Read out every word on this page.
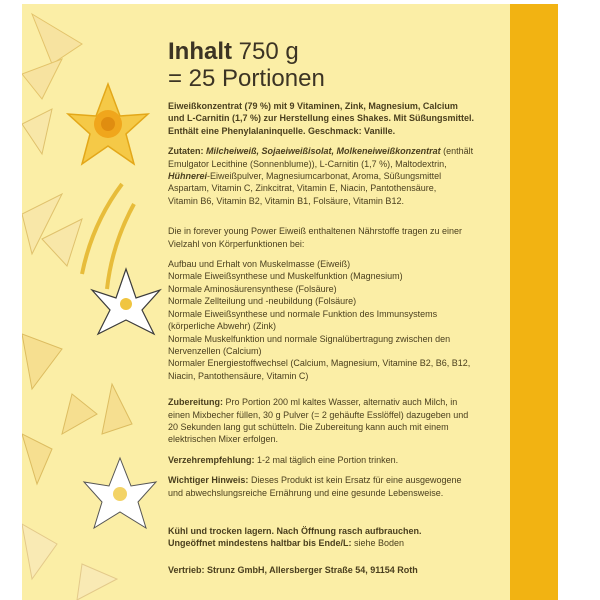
Inhalt 750 g
= 25 Portionen
Eiweißkonzentrat (79 %) mit 9 Vitaminen, Zink, Magnesium, Calcium
und L-Carnitin (1,7 %) zur Herstellung eines Shakes. Mit Süßungsmittel.
Enthält eine Phenylalaninquelle. Geschmack: Vanille.
Zutaten: Milcheiweiß, Sojaeiweißisolat, Molkeneiweißkonzentrat (enthält
Emulgator Lecithine (Sonnenblume)), L-Carnitin (1,7 %), Maltodextrin,
Hühnerei-Eiweißpulver, Magnesiumcarbonat, Aroma, Süßungsmittel
Aspartam, Vitamin C, Zinkcitrat, Vitamin E, Niacin, Pantothensäure,
Vitamin B6, Vitamin B2, Vitamin B1, Folsäure, Vitamin B12.
Die in forever young Power Eiweiß enthaltenen Nährstoffe tragen zu einer
Vielzahl von Körperfunktionen bei:
Aufbau und Erhalt von Muskelmasse (Eiweiß)
Normale Eiweißsynthese und Muskelfunktion (Magnesium)
Normale Aminosäurensynthese (Folsäure)
Normale Zellteilung und -neubildung (Folsäure)
Normale Eiweißsynthese und normale Funktion des Immunsystems
(körperliche Abwehr) (Zink)
Normale Muskelfunktion und normale Signalübertragung zwischen den
Nervenzellen (Calcium)
Normaler Energiestoffwechsel (Calcium, Magnesium, Vitamine B2, B6, B12,
Niacin, Pantothensäure, Vitamin C)
Zubereitung: Pro Portion 200 ml kaltes Wasser, alternativ auch Milch, in
einen Mixbecher füllen, 30 g Pulver (= 2 gehäufte Esslöffel) dazugeben und
20 Sekunden lang gut schütteln. Die Zubereitung kann auch mit einem
elektrischen Mixer erfolgen.
Verzehrempfehlung: 1-2 mal täglich eine Portion trinken.
Wichtiger Hinweis: Dieses Produkt ist kein Ersatz für eine ausgewogene
und abwechslungsreiche Ernährung und eine gesunde Lebensweise.
Kühl und trocken lagern. Nach Öffnung rasch aufbrauchen.
Ungeöffnet mindestens haltbar bis Ende/L: siehe Boden
Vertrieb: Strunz GmbH, Allersberger Straße 54, 91154 Roth
